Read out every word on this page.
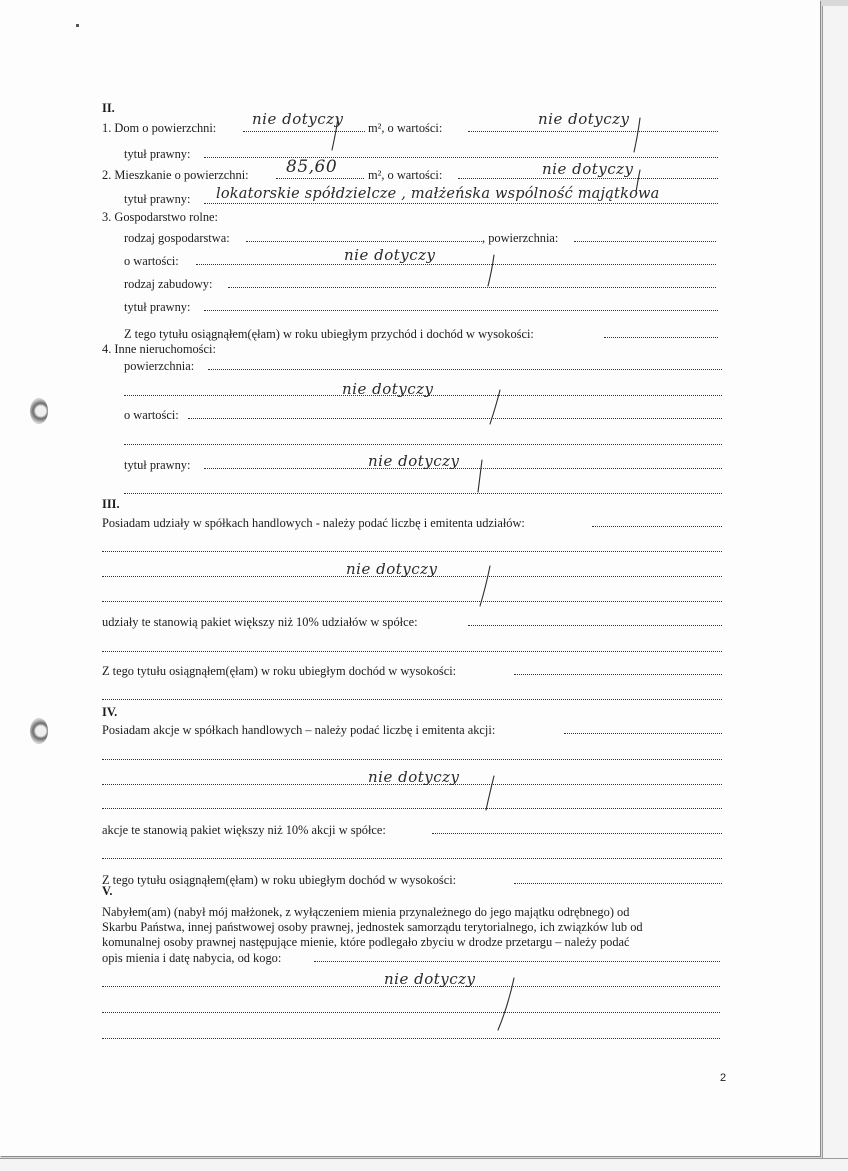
II.
1. Dom o powierzchni: nie dotyczy m², o wartości:	nie dotyczy
tytuł prawny:
2. Mieszkanie o powierzchni: 85,60 m², o wartości:	nie dotyczy
tytuł prawny: lokatorskie spółdzielcze , małżeńska wspólność majątkowa
3. Gospodarstwo rolne:
rodzaj gospodarstwa:	, powierzchnia:
o wartości:	nie dotyczy
rodzaj zabudowy:
tytuł prawny:
Z tego tytułu osiągnąłem(ęłam) w roku ubiegłym przychód i dochód w wysokości:
4. Inne nieruchomości:
powierzchnia:
nie dotyczy
o wartości:
tytuł prawny:	nie dotyczy
III.
Posiadam udziały w spółkach handlowych - należy podać liczbę i emitenta udziałów:
nie dotyczy
udziały te stanowią pakiet większy niż 10% udziałów w spółce:
Z tego tytułu osiągnąłem(ęłam) w roku ubiegłym dochód w wysokości:
IV.
Posiadam akcje w spółkach handlowych – należy podać liczbę i emitenta akcji:
nie dotyczy
akcje te stanowią pakiet większy niż 10% akcji w spółce:
Z tego tytułu osiągnąłem(ęłam) w roku ubiegłym dochód w wysokości:
V.
Nabyłem(am) (nabył mój małżonek, z wyłączeniem mienia przynależnego do jego majątku odrębnego) od
Skarbu Państwa, innej państwowej osoby prawnej, jednostek samorządu terytorialnego, ich związków lub od
komunalnej osoby prawnej następujące mienie, które podlegało zbyciu w drodze przetargu – należy podać
opis mienia i datę nabycia, od kogo:
nie dotyczy
2
